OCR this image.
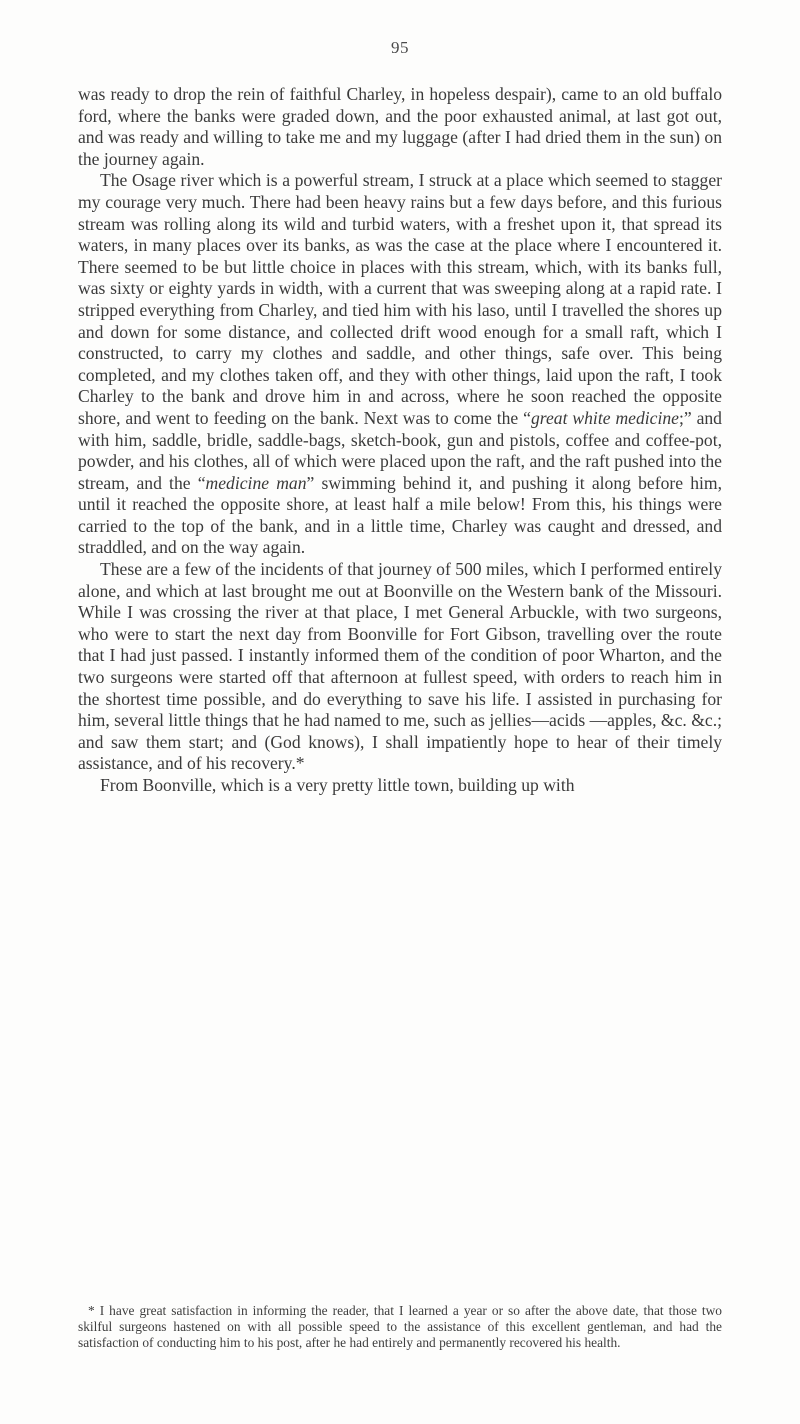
95

was ready to drop the rein of faithful Charley, in hopeless despair), came to an old buffalo ford, where the banks were graded down, and the poor exhausted animal, at last got out, and was ready and willing to take me and my luggage (after I had dried them in the sun) on the journey again.

The Osage river which is a powerful stream, I struck at a place which seemed to stagger my courage very much. There had been heavy rains but a few days before, and this furious stream was rolling along its wild and turbid waters, with a freshet upon it, that spread its waters, in many places over its banks, as was the case at the place where I encountered it. There seemed to be but little choice in places with this stream, which, with its banks full, was sixty or eighty yards in width, with a current that was sweeping along at a rapid rate. I stripped everything from Charley, and tied him with his laso, until I travelled the shores up and down for some distance, and collected drift wood enough for a small raft, which I constructed, to carry my clothes and saddle, and other things, safe over. This being completed, and my clothes taken off, and they with other things, laid upon the raft, I took Charley to the bank and drove him in and across, where he soon reached the opposite shore, and went to feeding on the bank. Next was to come the “great white medicine;” and with him, saddle, bridle, saddle-bags, sketch-book, gun and pistols, coffee and coffee-pot, powder, and his clothes, all of which were placed upon the raft, and the raft pushed into the stream, and the “medicine man” swimming behind it, and pushing it along before him, until it reached the opposite shore, at least half a mile below! From this, his things were carried to the top of the bank, and in a little time, Charley was caught and dressed, and straddled, and on the way again.

These are a few of the incidents of that journey of 500 miles, which I performed entirely alone, and which at last brought me out at Boonville on the Western bank of the Missouri. While I was crossing the river at that place, I met General Arbuckle, with two surgeons, who were to start the next day from Boonville for Fort Gibson, travelling over the route that I had just passed. I instantly informed them of the condition of poor Wharton, and the two surgeons were started off that afternoon at fullest speed, with orders to reach him in the shortest time possible, and do everything to save his life. I assisted in purchasing for him, several little things that he had named to me, such as jellies—acids —apples, &c. &c.; and saw them start; and (God knows), I shall impatiently hope to hear of their timely assistance, and of his recovery.*

From Boonville, which is a very pretty little town, building up with

* I have great satisfaction in informing the reader, that I learned a year or so after the above date, that those two skilful surgeons hastened on with all possible speed to the assistance of this excellent gentleman, and had the satisfaction of conducting him to his post, after he had entirely and permanently recovered his health.
